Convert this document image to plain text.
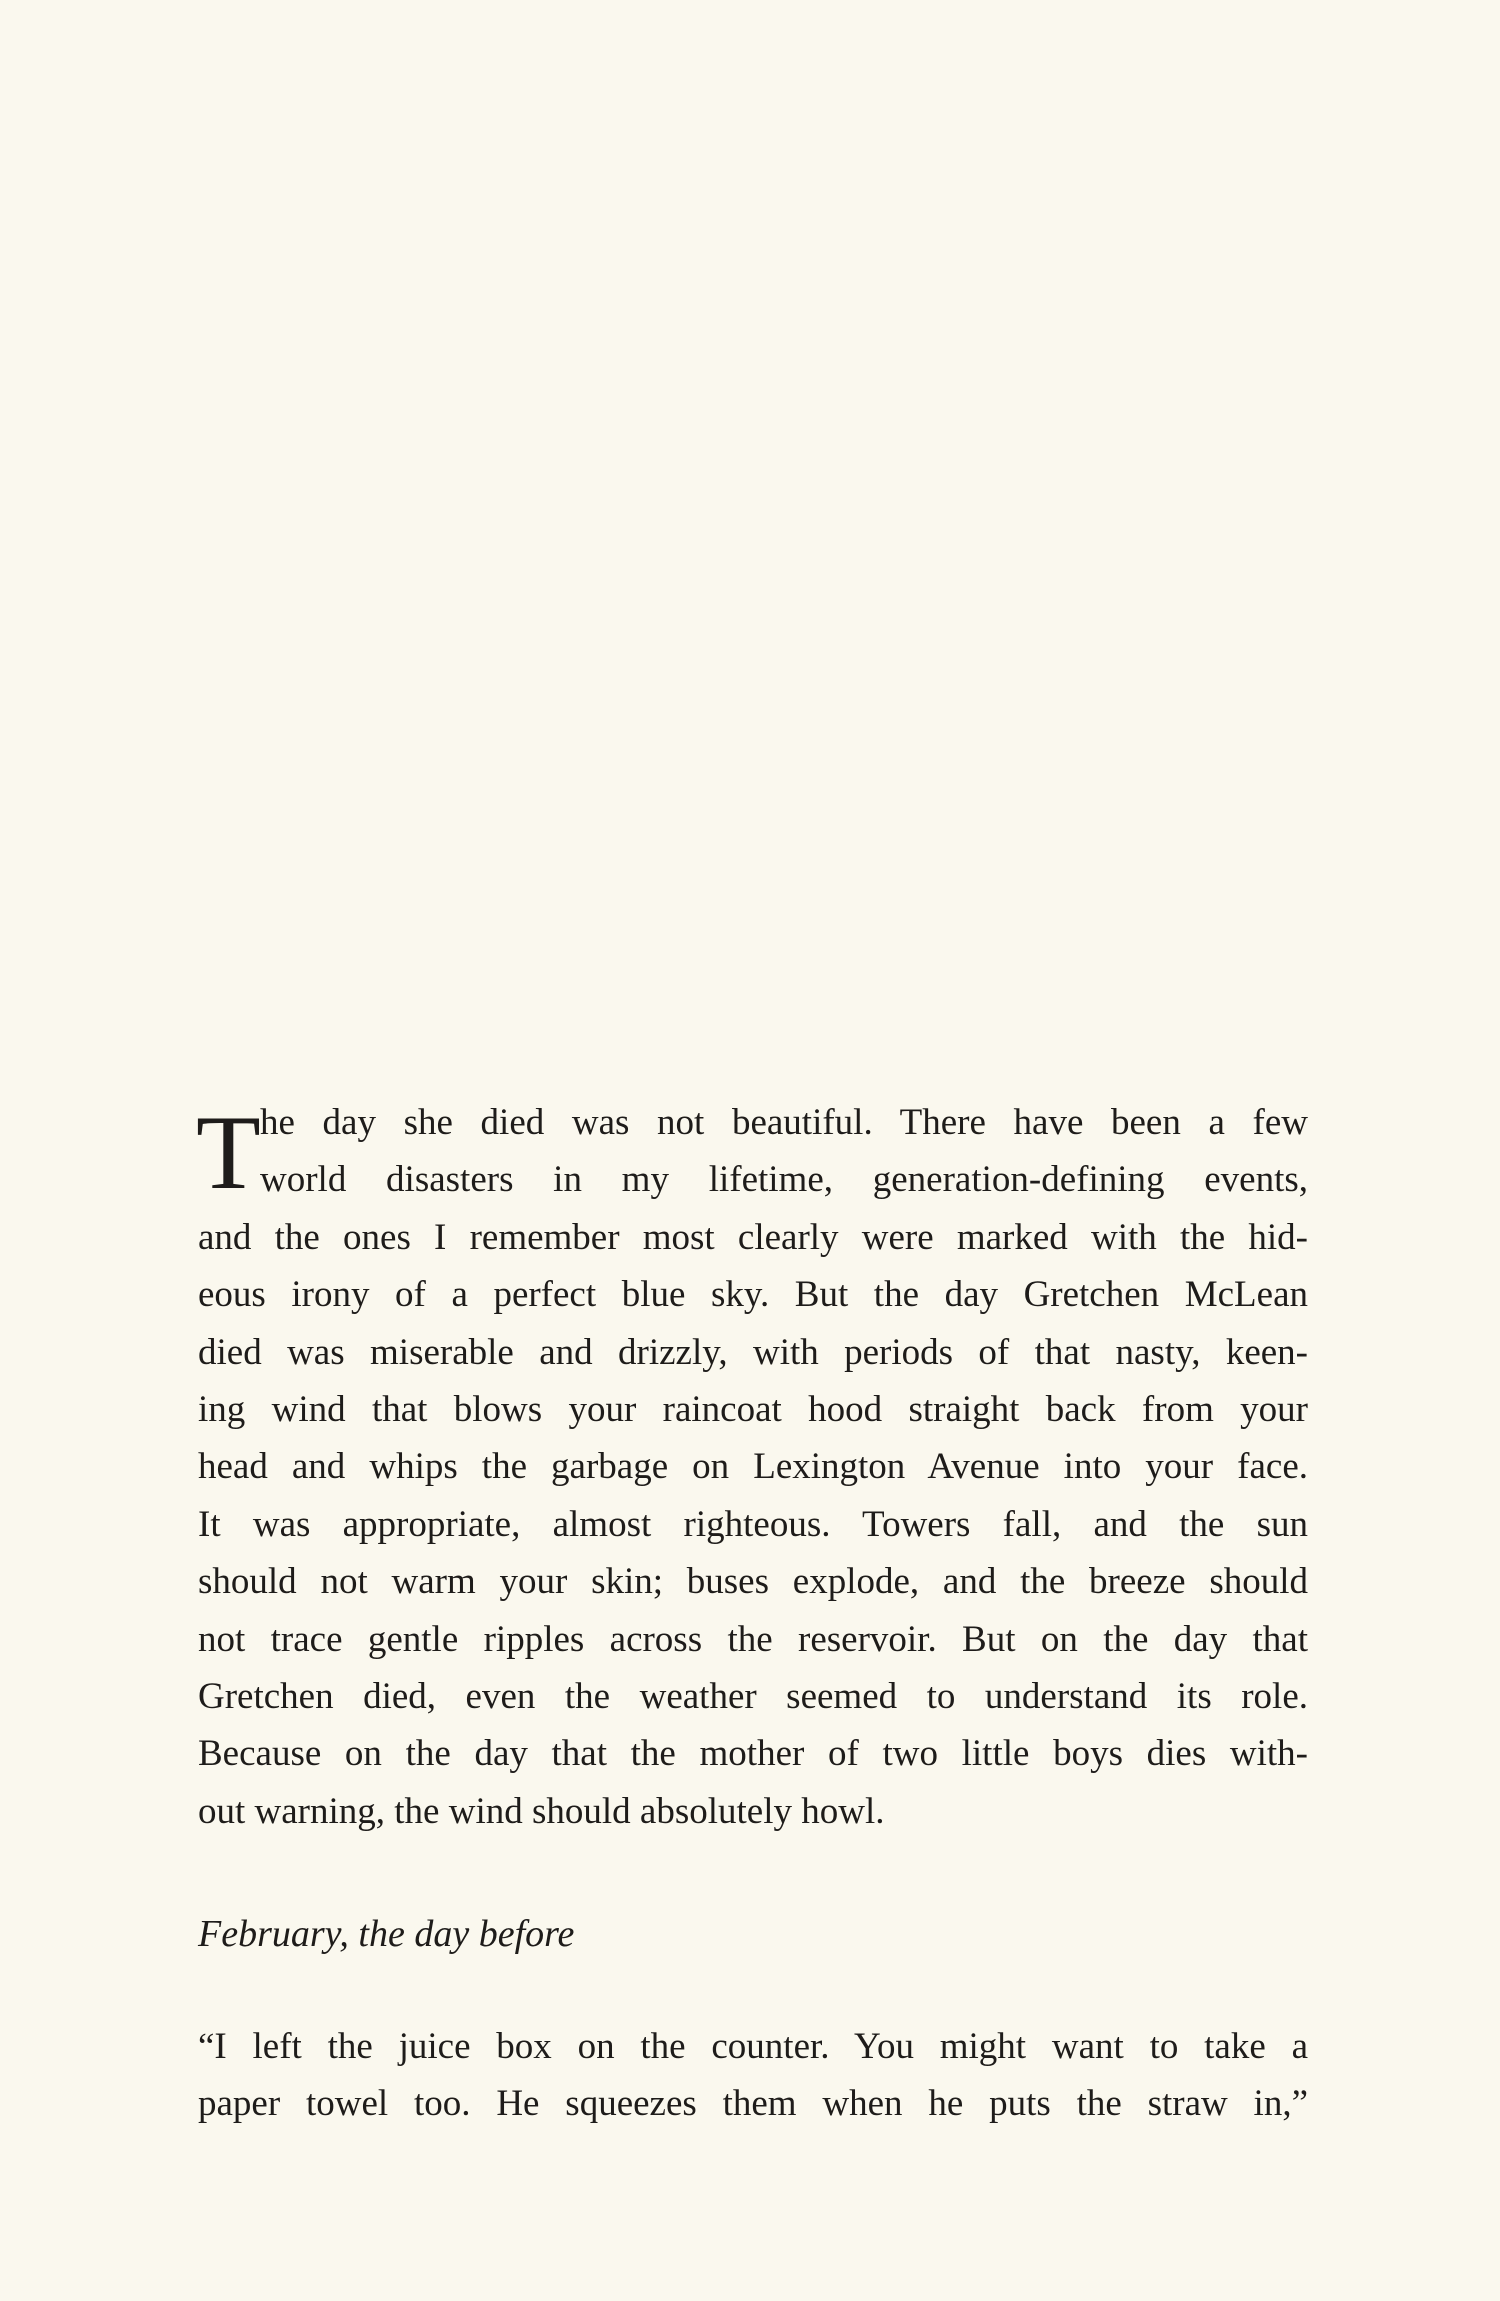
T he day she died was not beautiful. There have been a few
world disasters in my lifetime, generation-defining events,
and the ones I remember most clearly were marked with the hid-
eous irony of a perfect blue sky. But the day Gretchen McLean
died was miserable and drizzly, with periods of that nasty, keen-
ing wind that blows your raincoat hood straight back from your
head and whips the garbage on Lexington Avenue into your face.
It was appropriate, almost righteous. Towers fall, and the sun
should not warm your skin; buses explode, and the breeze should
not trace gentle ripples across the reservoir. But on the day that
Gretchen died, even the weather seemed to understand its role.
Because on the day that the mother of two little boys dies with-
out warning, the wind should absolutely howl.
February, the day before
“I left the juice box on the counter. You might want to take a
paper towel too. He squeezes them when he puts the straw in,”
